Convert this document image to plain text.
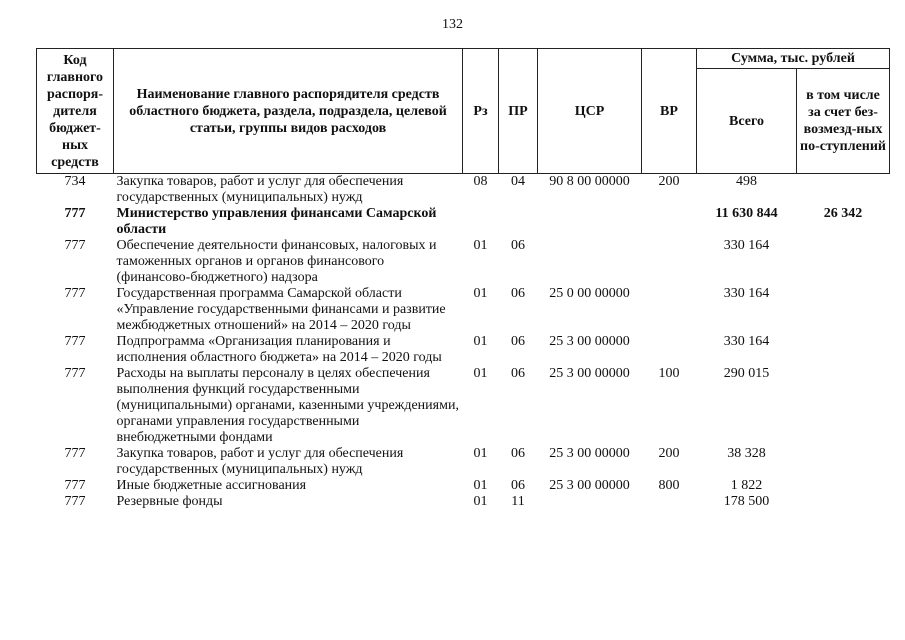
132
Код главного распоря-дителя бюджет-ных средств	Наименование главного распорядителя средств областного бюджета, раздела, подраздела, целевой статьи, группы видов расходов	Рз	ПР	ЦСР	ВР	Сумма, тыс. рублей	
						Всего	в том числе за счет без-возмезд-ных по-ступлений
734	Закупка товаров, работ и услуг для обеспечения государственных (муниципальных) нужд	08	04	90 8 00 00000	200	498	
777	Министерство управления финансами Самарской области					11 630 844	26 342
777	Обеспечение деятельности финансовых, налоговых и таможенных органов и органов финансового (финансово-бюджетного) надзора	01	06			330 164	
777	Государственная программа Самарской области «Управление государственными финансами и развитие межбюджетных отношений» на 2014 – 2020 годы	01	06	25 0 00 00000		330 164	
777	Подпрограмма «Организация планирования и исполнения областного бюджета» на 2014 – 2020 годы	01	06	25 3 00 00000		330 164	
777	Расходы на выплаты персоналу в целях обеспечения выполнения функций государственными (муниципальными) органами, казенными учреждениями, органами управления государственными внебюджетными фондами	01	06	25 3 00 00000	100	290 015	
777	Закупка товаров, работ и услуг для обеспечения государственных (муниципальных) нужд	01	06	25 3 00 00000	200	38 328	
777	Иные бюджетные ассигнования	01	06	25 3 00 00000	800	1 822	
777	Резервные фонды	01	11			178 500	
